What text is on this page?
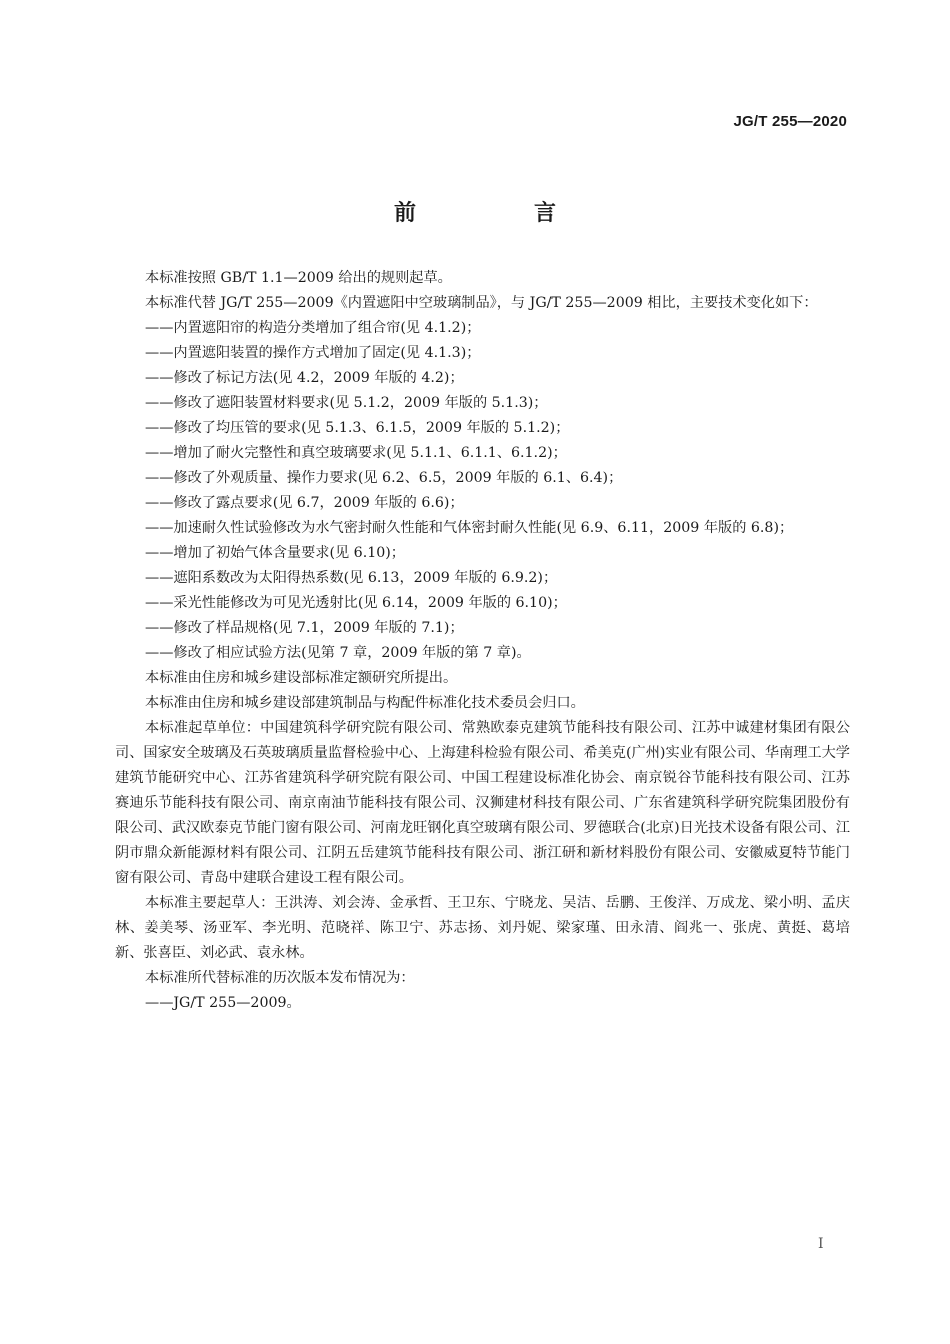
JG/T 255—2020
前　言

本标准按照 GB/T 1.1—2009 给出的规则起草。

本标准代替 JG/T 255—2009《内置遮阳中空玻璃制品》，与 JG/T 255—2009 相比，主要技术变化如下：

——内置遮阳帘的构造分类增加了组合帘(见 4.1.2)；

——内置遮阳装置的操作方式增加了固定(见 4.1.3)；

——修改了标记方法(见 4.2，2009 年版的 4.2)；

——修改了遮阳装置材料要求(见 5.1.2，2009 年版的 5.1.3)；

——修改了均压管的要求(见 5.1.3、6.1.5，2009 年版的 5.1.2)；

——增加了耐火完整性和真空玻璃要求(见 5.1.1、6.1.1、6.1.2)；

——修改了外观质量、操作力要求(见 6.2、6.5，2009 年版的 6.1、6.4)；

——修改了露点要求(见 6.7，2009 年版的 6.6)；

——加速耐久性试验修改为水气密封耐久性能和气体密封耐久性能(见 6.9、6.11，2009 年版的 6.8)；

——增加了初始气体含量要求(见 6.10)；

——遮阳系数改为太阳得热系数(见 6.13，2009 年版的 6.9.2)；

——采光性能修改为可见光透射比(见 6.14，2009 年版的 6.10)；

——修改了样品规格(见 7.1，2009 年版的 7.1)；

——修改了相应试验方法(见第 7 章，2009 年版的第 7 章)。

本标准由住房和城乡建设部标准定额研究所提出。

本标准由住房和城乡建设部建筑制品与构配件标准化技术委员会归口。

本标准起草单位：中国建筑科学研究院有限公司、常熟欧泰克建筑节能科技有限公司、江苏中诚建材集团有限公司、国家安全玻璃及石英玻璃质量监督检验中心、上海建科检验有限公司、希美克(广州)实业有限公司、华南理工大学建筑节能研究中心、江苏省建筑科学研究院有限公司、中国工程建设标准化协会、南京锐谷节能科技有限公司、江苏赛迪乐节能科技有限公司、南京南油节能科技有限公司、汉狮建材科技有限公司、广东省建筑科学研究院集团股份有限公司、武汉欧泰克节能门窗有限公司、河南龙旺钢化真空玻璃有限公司、罗德联合(北京)日光技术设备有限公司、江阴市鼎众新能源材料有限公司、江阴五岳建筑节能科技有限公司、浙江研和新材料股份有限公司、安徽威夏特节能门窗有限公司、青岛中建联合建设工程有限公司。

本标准主要起草人：王洪涛、刘会涛、金承哲、王卫东、宁晓龙、吴洁、岳鹏、王俊洋、万成龙、梁小明、孟庆林、姜美琴、汤亚军、李光明、范晓祥、陈卫宁、苏志扬、刘丹妮、梁家瑾、田永清、阎兆一、张虎、黄挺、葛培新、张喜臣、刘必武、袁永林。

本标准所代替标准的历次版本发布情况为：

——JG/T 255—2009。

I
